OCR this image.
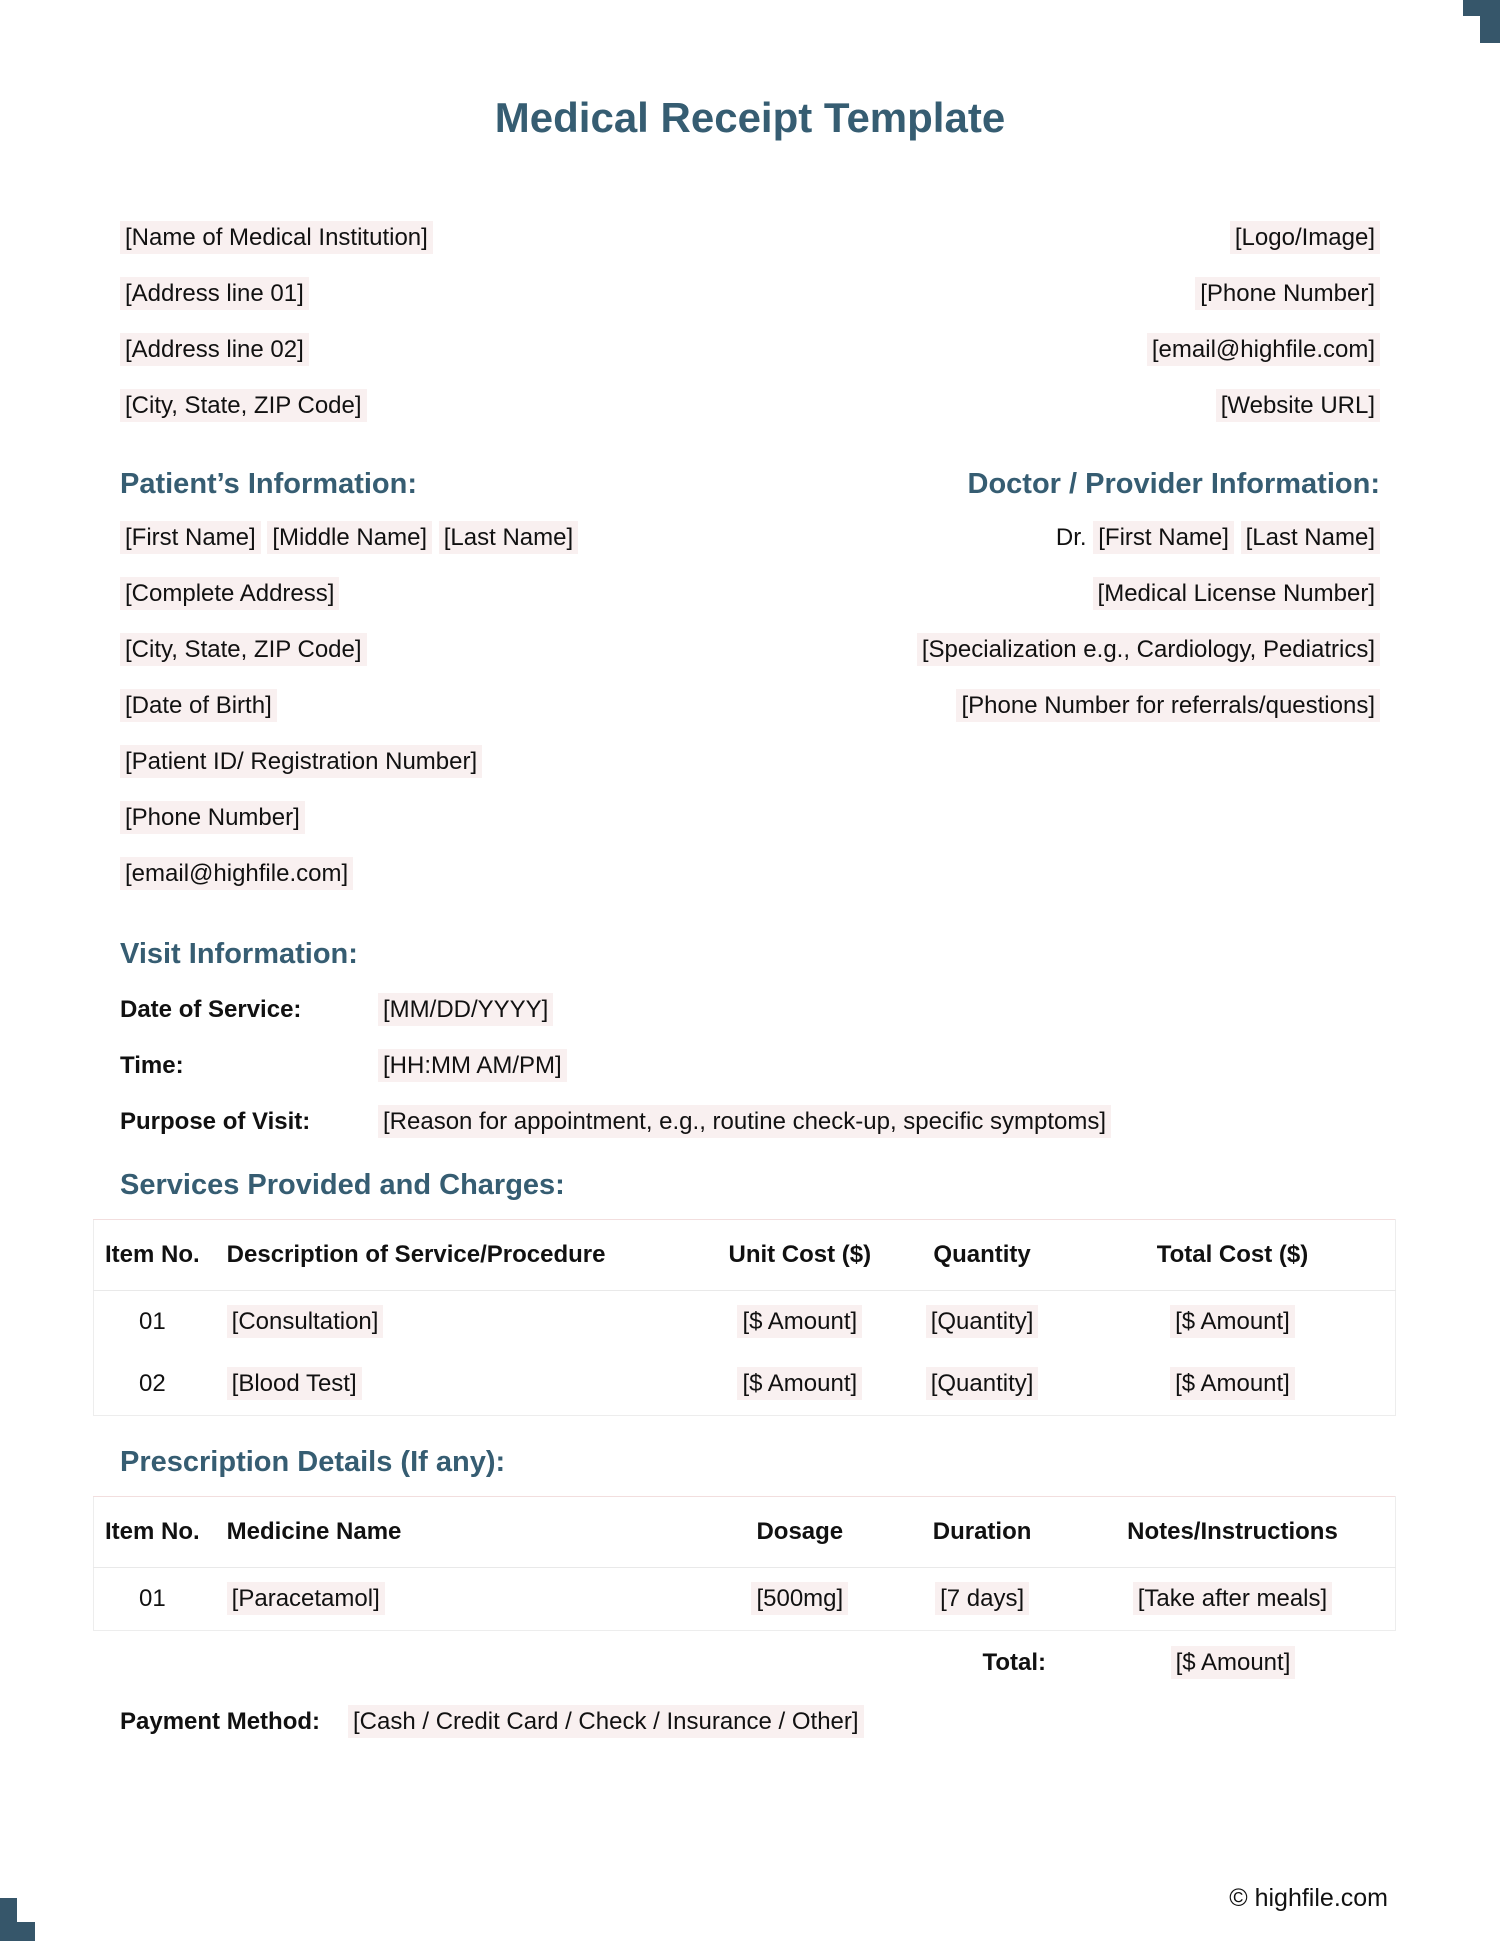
Medical Receipt Template
[Name of Medical Institution]
[Address line 01]
[Address line 02]
[City, State, ZIP Code]
[Logo/Image]
[Phone Number]
[email@highfile.com]
[Website URL]
Patient’s Information:	Doctor / Provider Information:
[First Name] [Middle Name] [Last Name]
[Complete Address]
[City, State, ZIP Code]
[Date of Birth]
[Patient ID/ Registration Number]
[Phone Number]
[email@highfile.com]
Dr. [First Name] [Last Name]
[Medical License Number]
[Specialization e.g., Cardiology, Pediatrics]
[Phone Number for referrals/questions]
Visit Information:
Date of Service:	[MM/DD/YYYY]
Time:	[HH:MM AM/PM]
Purpose of Visit:	[Reason for appointment, e.g., routine check-up, specific symptoms]
Services Provided and Charges:
Item No.	Description of Service/Procedure	Unit Cost ($)	Quantity	Total Cost ($)
01	[Consultation]	[$ Amount]	[Quantity]	[$ Amount]
02	[Blood Test]	[$ Amount]	[Quantity]	[$ Amount]
Prescription Details (If any):
Item No.	Medicine Name	Dosage	Duration	Notes/Instructions
01	[Paracetamol]	[500mg]	[7 days]	[Take after meals]
Total:	[$ Amount]
Payment Method: [Cash / Credit Card / Check / Insurance / Other]
© highfile.com
